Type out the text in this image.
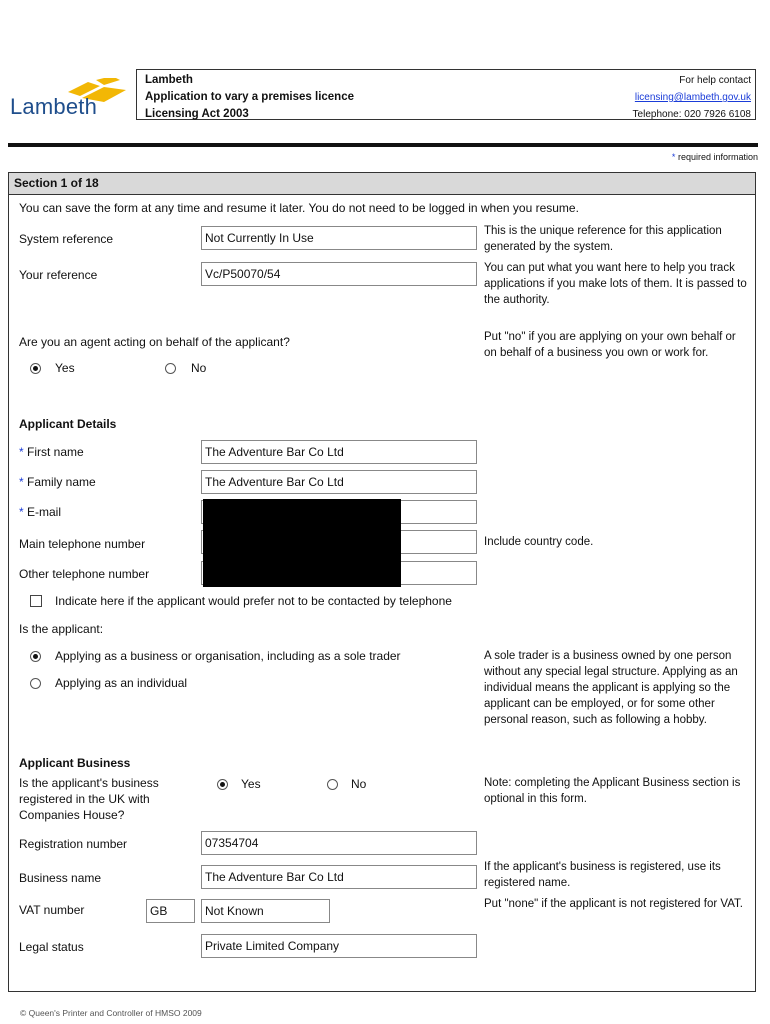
Lambeth
Lambeth
Application to vary a premises licence
Licensing Act 2003
For help contact
licensing@lambeth.gov.uk
Telephone: 020 7926 6108
* required information
Section 1 of 18
You can save the form at any time and resume it later. You do not need to be logged in when you resume.
System reference	Not Currently In Use	This is the unique reference for this application generated by the system.
Your reference	Vc/P50070/54	You can put what you want here to help you track applications if you make lots of them. It is passed to the authority.
Are you an agent acting on behalf of the applicant?
Yes	No
Put "no" if you are applying on your own behalf or on behalf of a business you own or work for.
Applicant Details
* First name	The Adventure Bar Co Ltd
* Family name	The Adventure Bar Co Ltd
* E-mail
Main telephone number	Include country code.
Other telephone number
Indicate here if the applicant would prefer not to be contacted by telephone
Is the applicant:
Applying as a business or organisation, including as a sole trader
Applying as an individual
A sole trader is a business owned by one person without any special legal structure. Applying as an individual means the applicant is applying so the applicant can be employed, or for some other personal reason, such as following a hobby.
Applicant Business
Is the applicant's business registered in the UK with Companies House?
Yes	No	Note: completing the Applicant Business section is optional in this form.
Registration number	07354704
Business name	The Adventure Bar Co Ltd
If the applicant's business is registered, use its registered name.
VAT number	GB	Not Known	Put "none" if the applicant is not registered for VAT.
Legal status	Private Limited Company
© Queen's Printer and Controller of HMSO 2009
